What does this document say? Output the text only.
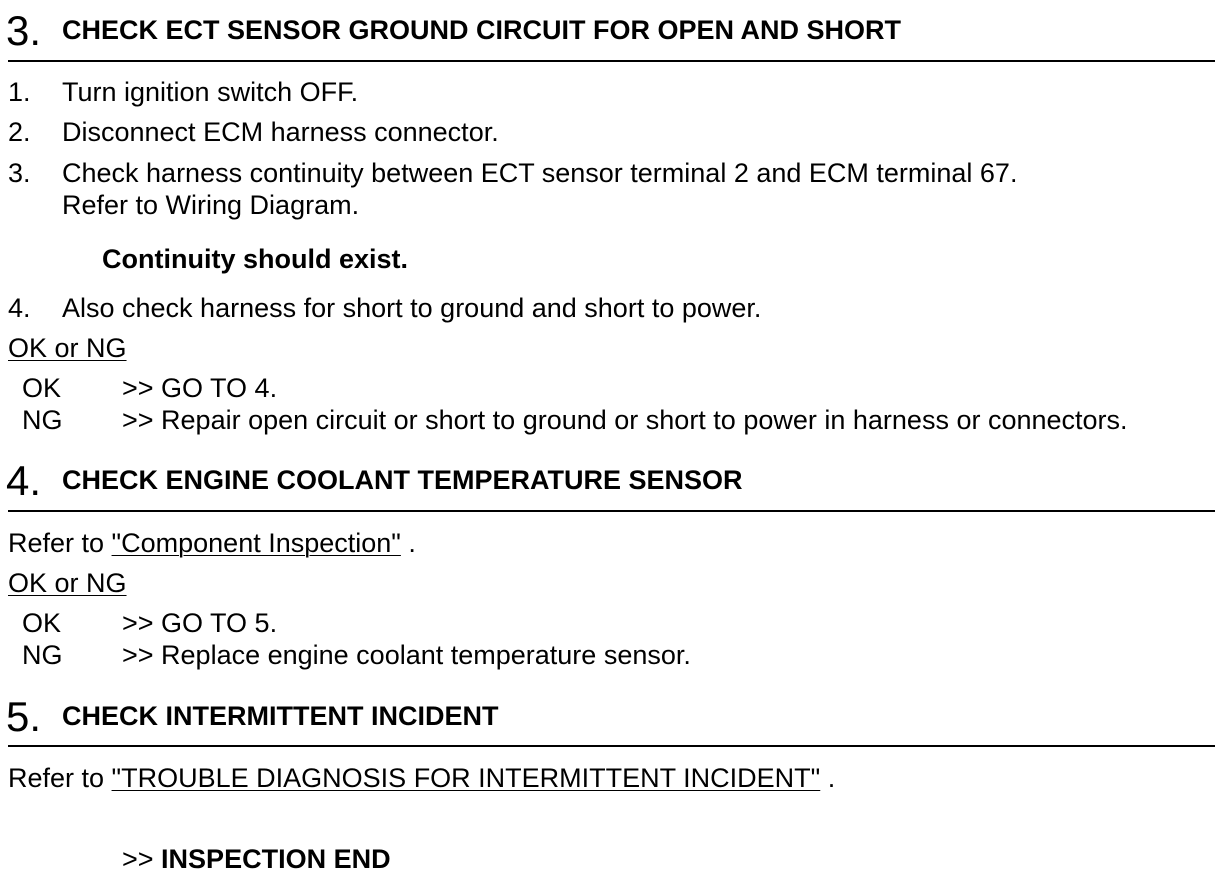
3. CHECK ECT SENSOR GROUND CIRCUIT FOR OPEN AND SHORT
1. Turn ignition switch OFF.
2. Disconnect ECM harness connector.
3. Check harness continuity between ECT sensor terminal 2 and ECM terminal 67.
Refer to Wiring Diagram.
Continuity should exist.
4. Also check harness for short to ground and short to power.
OK or NG
OK >> GO TO 4.
NG >> Repair open circuit or short to ground or short to power in harness or connectors.
4. CHECK ENGINE COOLANT TEMPERATURE SENSOR
Refer to "Component Inspection" .
OK or NG
OK >> GO TO 5.
NG >> Replace engine coolant temperature sensor.
5. CHECK INTERMITTENT INCIDENT
Refer to "TROUBLE DIAGNOSIS FOR INTERMITTENT INCIDENT" .
>> INSPECTION END
